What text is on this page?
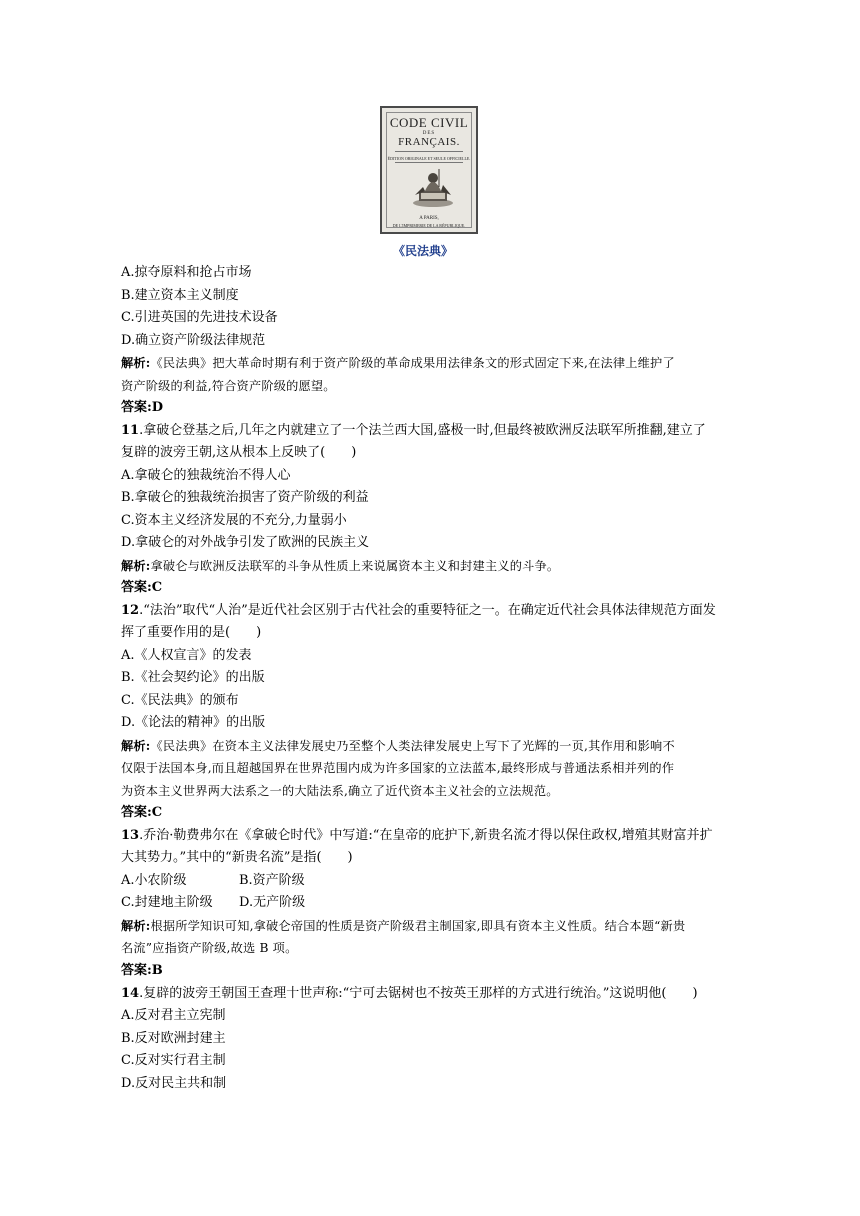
CODE CIVIL
DES
FRANÇAIS.
ÉDITION ORIGINALE ET SEULE OFFICIELLE.
A PARIS,
DE L'IMPRIMERIE DE LA RÉPUBLIQUE.
《民法典》
A.掠夺原料和抢占市场
B.建立资本主义制度
C.引进英国的先进技术设备
D.确立资产阶级法律规范
解析:《民法典》把大革命时期有利于资产阶级的革命成果用法律条文的形式固定下来,在法律上维护了
资产阶级的利益,符合资产阶级的愿望。
答案:D
11.拿破仑登基之后,几年之内就建立了一个法兰西大国,盛极一时,但最终被欧洲反法联军所推翻,建立了
复辟的波旁王朝,这从根本上反映了(　　)
A.拿破仑的独裁统治不得人心
B.拿破仑的独裁统治损害了资产阶级的利益
C.资本主义经济发展的不充分,力量弱小
D.拿破仑的对外战争引发了欧洲的民族主义
解析:拿破仑与欧洲反法联军的斗争从性质上来说属资本主义和封建主义的斗争。
答案:C
12.“法治”取代“人治”是近代社会区别于古代社会的重要特征之一。在确定近代社会具体法律规范方面发
挥了重要作用的是(　　)
A.《人权宣言》的发表
B.《社会契约论》的出版
C.《民法典》的颁布
D.《论法的精神》的出版
解析:《民法典》在资本主义法律发展史乃至整个人类法律发展史上写下了光辉的一页,其作用和影响不
仅限于法国本身,而且超越国界在世界范围内成为许多国家的立法蓝本,最终形成与普通法系相并列的作
为资本主义世界两大法系之一的大陆法系,确立了近代资本主义社会的立法规范。
答案:C
13.乔治·勒费弗尔在《拿破仑时代》中写道:“在皇帝的庇护下,新贵名流才得以保住政权,增殖其财富并扩
大其势力。”其中的“新贵名流”是指(　　)
A.小农阶级	B.资产阶级
C.封建地主阶级 D.无产阶级
解析:根据所学知识可知,拿破仑帝国的性质是资产阶级君主制国家,即具有资本主义性质。结合本题“新贵
名流”应指资产阶级,故选 B 项。
答案:B
14.复辟的波旁王朝国王查理十世声称:“宁可去锯树也不按英王那样的方式进行统治。”这说明他(　　)
A.反对君主立宪制
B.反对欧洲封建主
C.反对实行君主制
D.反对民主共和制
